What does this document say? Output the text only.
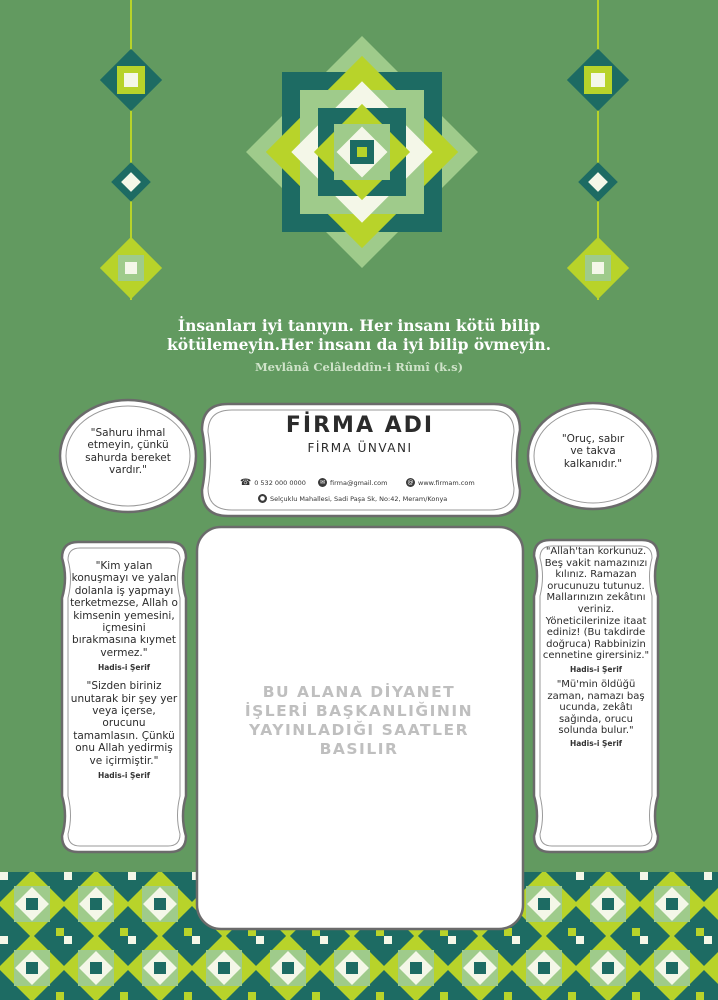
İnsanları iyi tanıyın. Her insanı kötü bilip
kötülemeyin.Her insanı da iyi bilip övmeyin.
Mevlânâ Celâleddîn-i Rûmî (k.s)
"Sahuru ihmal etmeyin, çünkü sahurda bereket vardır."
"Oruç, sabır ve takva kalkanıdır."
FİRMA ADI
FİRMA ÜNVANI
☎ 0 532 000 0000	✉ firma@gmail.com	@ www.firmam.com
● Selçuklu Mahallesi, Sadi Paşa Sk, No:42, Meram/Konya
"Kim yalan konuşmayı ve yalan dolanla iş yapmayı terketmezse, Allah o kimsenin yemesini, içmesini bırakmasına kıymet vermez."
Hadis-i Şerif
"Sizden biriniz unutarak bir şey yer veya içerse, orucunu tamamlasın. Çünkü onu Allah yedirmiş ve içirmiştir."
Hadis-i Şerif
"Allah'tan korkunuz. Beş vakit namazınızı kılınız. Ramazan orucunuzu tutunuz. Mallarınızın zekâtını veriniz. Yöneticilerinize itaat ediniz! (Bu takdirde doğruca) Rabbinizin cennetine girersiniz."
Hadis-i Şerif
"Mü'min öldüğü zaman, namazı baş ucunda, zekâtı sağında, orucu solunda bulur."
Hadis-i Şerif
BU ALANA DİYANET İŞLERİ BAŞKANLIĞININ YAYINLADIĞI SAATLER BASILIR
